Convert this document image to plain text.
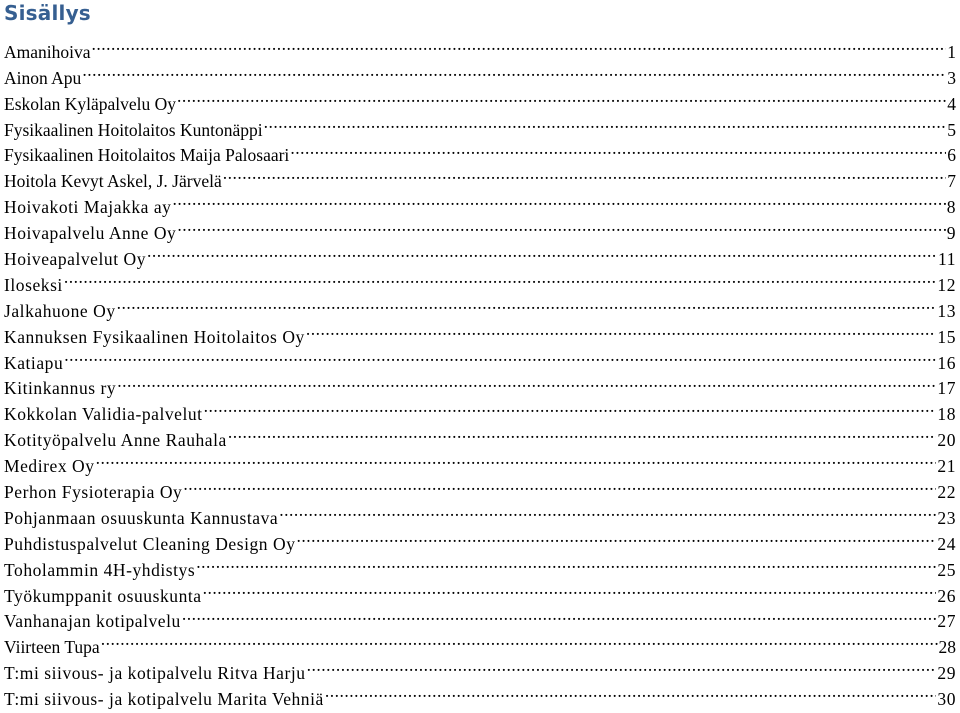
Sisällys
Amanihoiva .....	1
Ainon Apu .....	3
Eskolan Kyläpalvelu Oy .....	4
Fysikaalinen Hoitolaitos Kuntonäppi .....	5
Fysikaalinen Hoitolaitos Maija Palosaari .....	6
Hoitola Kevyt Askel, J. Järvelä .....	7
Hoivakoti Majakka ay .....	8
Hoivapalvelu Anne Oy .....	9
Hoiveapalvelut Oy .....	11
Iloseksi .....	12
Jalkahuone Oy .....	13
Kannuksen Fysikaalinen Hoitolaitos Oy .....	15
Katiapu .....	16
Kitinkannus ry .....	17
Kokkolan Validia-palvelut .....	18
Kotityöpalvelu Anne Rauhala .....	20
Medirex Oy .....	21
Perhon Fysioterapia Oy .....	22
Pohjanmaan osuuskunta Kannustava .....	23
Puhdistuspalvelut Cleaning Design Oy .....	24
Toholammin 4H-yhdistys .....	25
Työkumppanit osuuskunta .....	26
Vanhanajan kotipalvelu .....	27
Viirteen Tupa .....	28
T:mi siivous- ja kotipalvelu Ritva Harju .....	29
T:mi siivous- ja kotipalvelu Marita Vehniä .....	30
